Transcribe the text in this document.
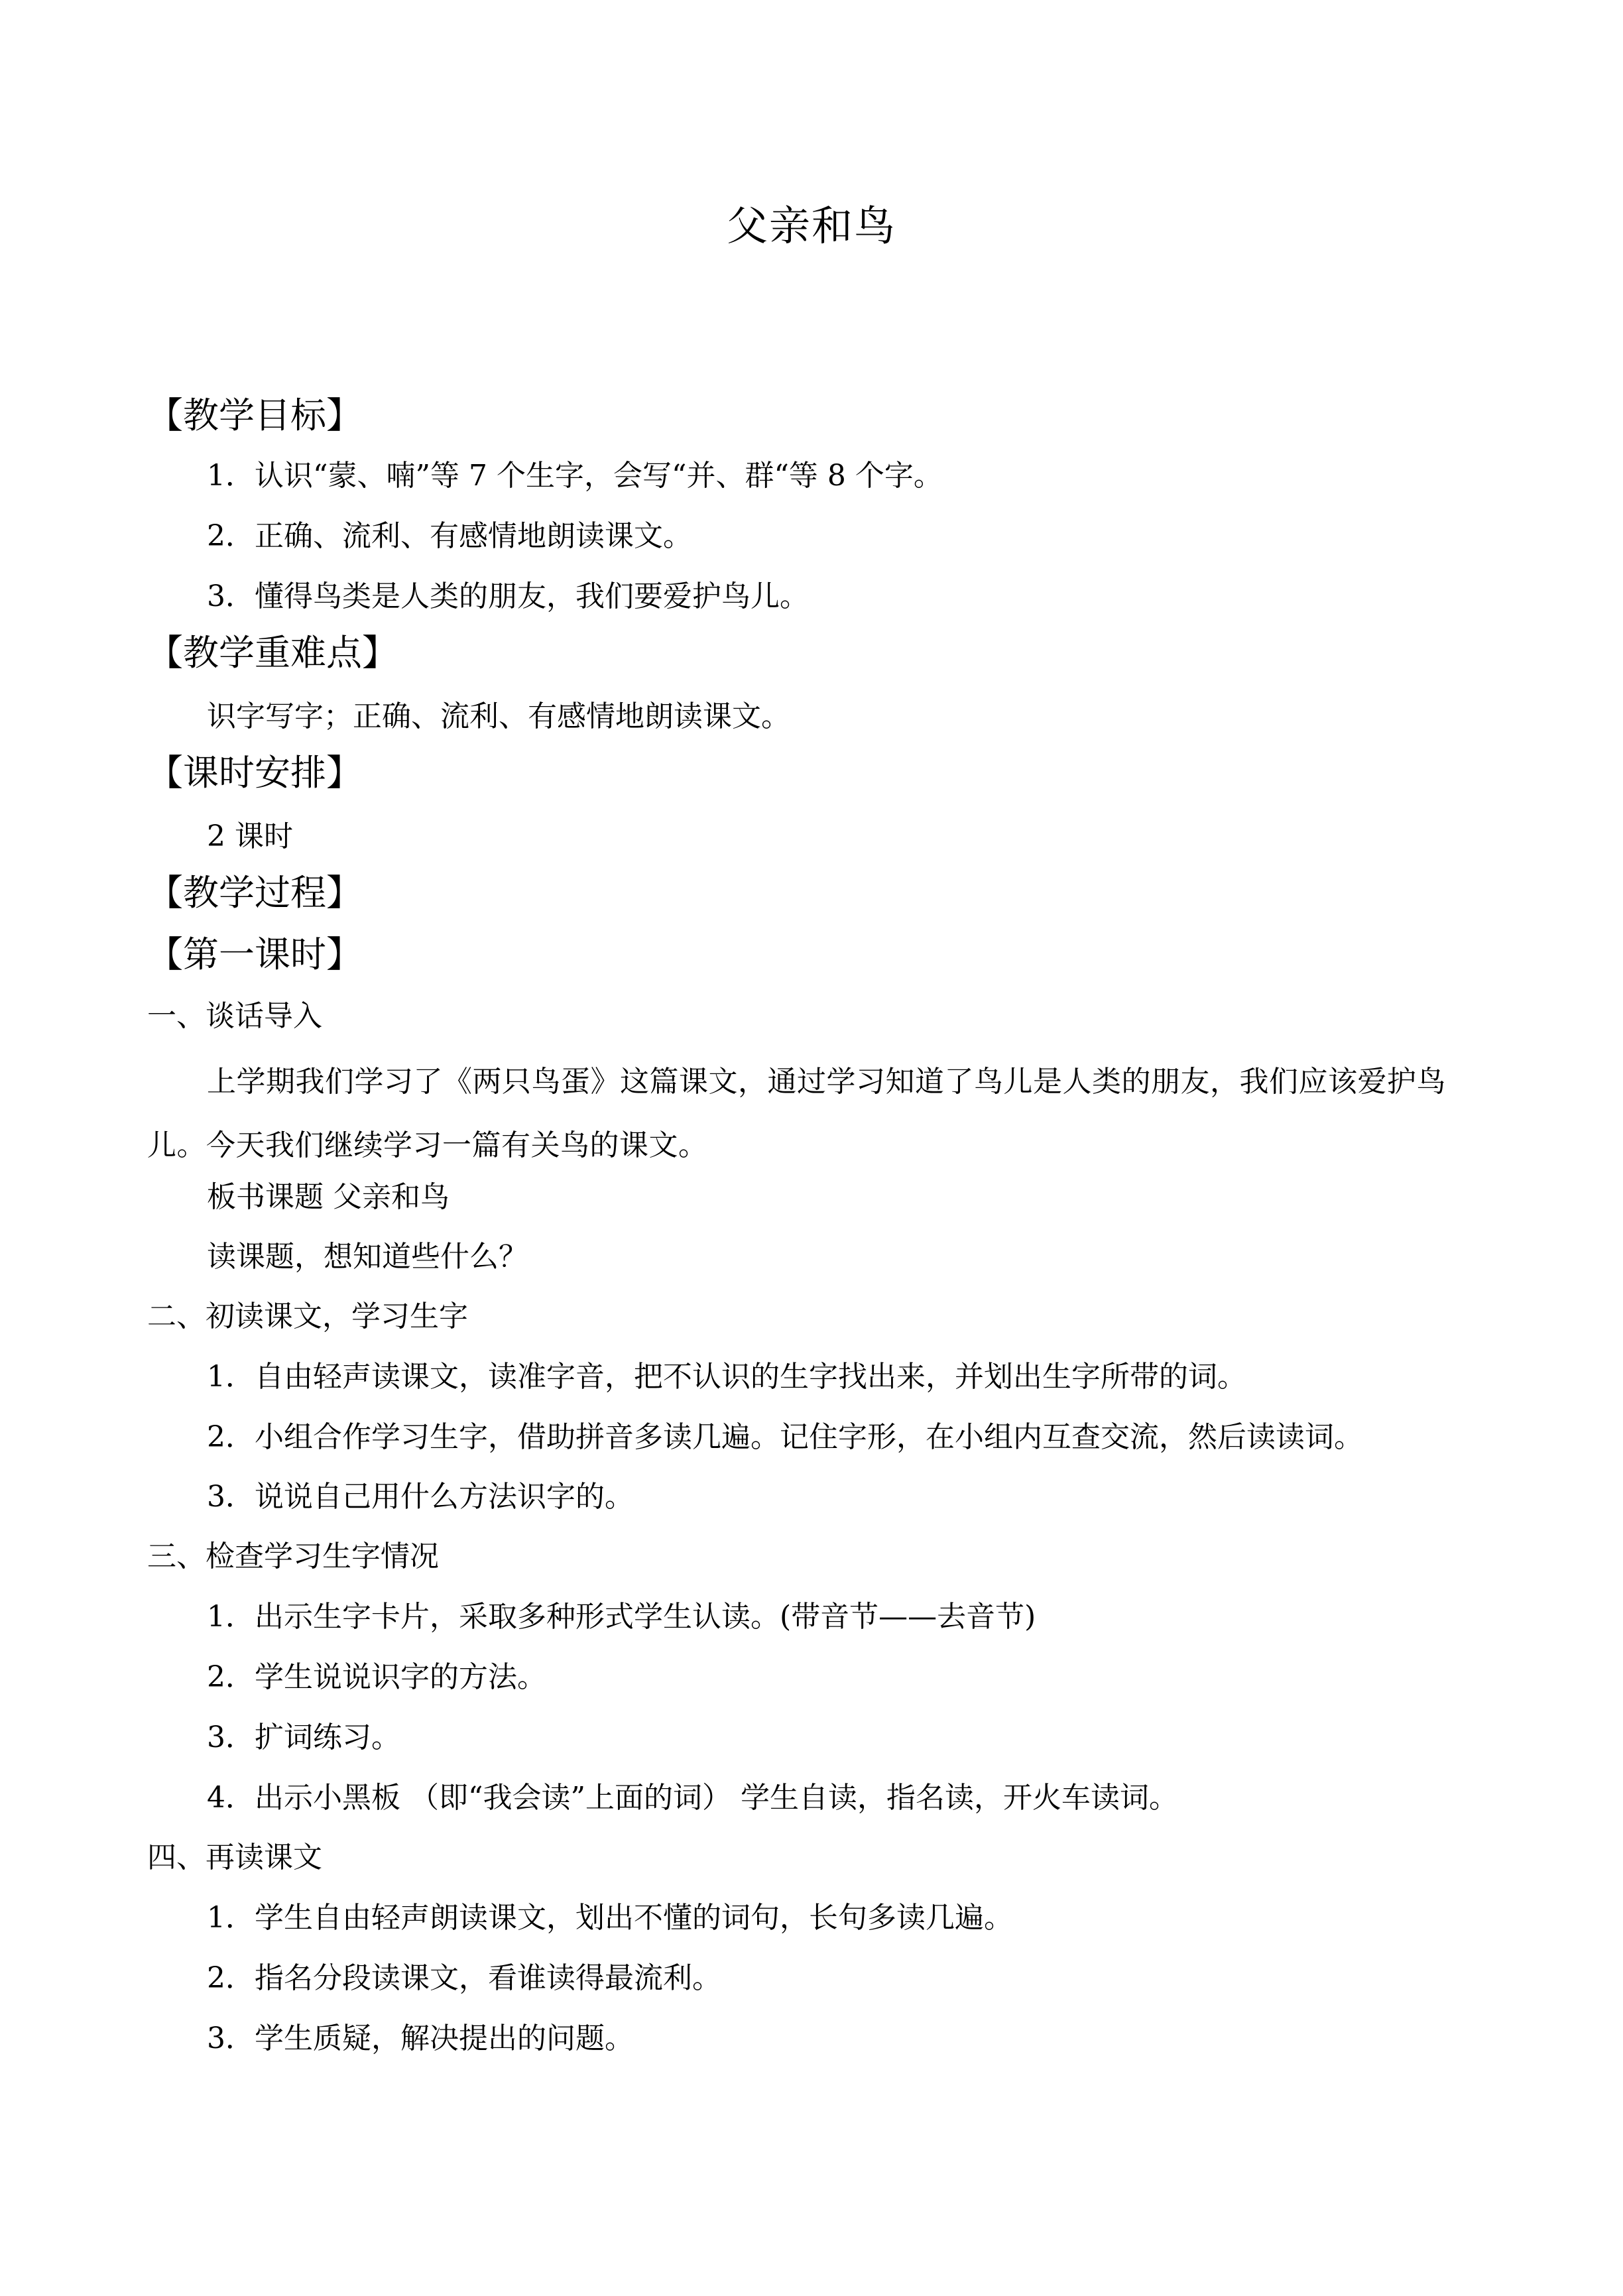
父亲和鸟
【教学目标】
1．认识“蒙、喃”等 7 个生字，会写“并、群“等 8 个字。
2．正确、流利、有感情地朗读课文。
3．懂得鸟类是人类的朋友，我们要爱护鸟儿。
【教学重难点】
识字写字；正确、流利、有感情地朗读课文。
【课时安排】
2 课时
【教学过程】
【第一课时】
一、谈话导入
上学期我们学习了《两只鸟蛋》这篇课文，通过学习知道了鸟儿是人类的朋友，我们应该爱护鸟儿。今天我们继续学习一篇有关鸟的课文。
板书课题 父亲和鸟
读课题，想知道些什么？
二、初读课文，学习生字
1．自由轻声读课文，读准字音，把不认识的生字找出来，并划出生字所带的词。
2．小组合作学习生字，借助拼音多读几遍。记住字形，在小组内互查交流，然后读读词。
3．说说自己用什么方法识字的。
三、检查学习生字情况
1．出示生字卡片，采取多种形式学生认读。(带音节——去音节)
2．学生说说识字的方法。
3．扩词练习。
4．出示小黑板 （即“我会读”上面的词） 学生自读，指名读，开火车读词。
四、再读课文
1．学生自由轻声朗读课文，划出不懂的词句，长句多读几遍。
2．指名分段读课文，看谁读得最流利。
3．学生质疑，解决提出的问题。
